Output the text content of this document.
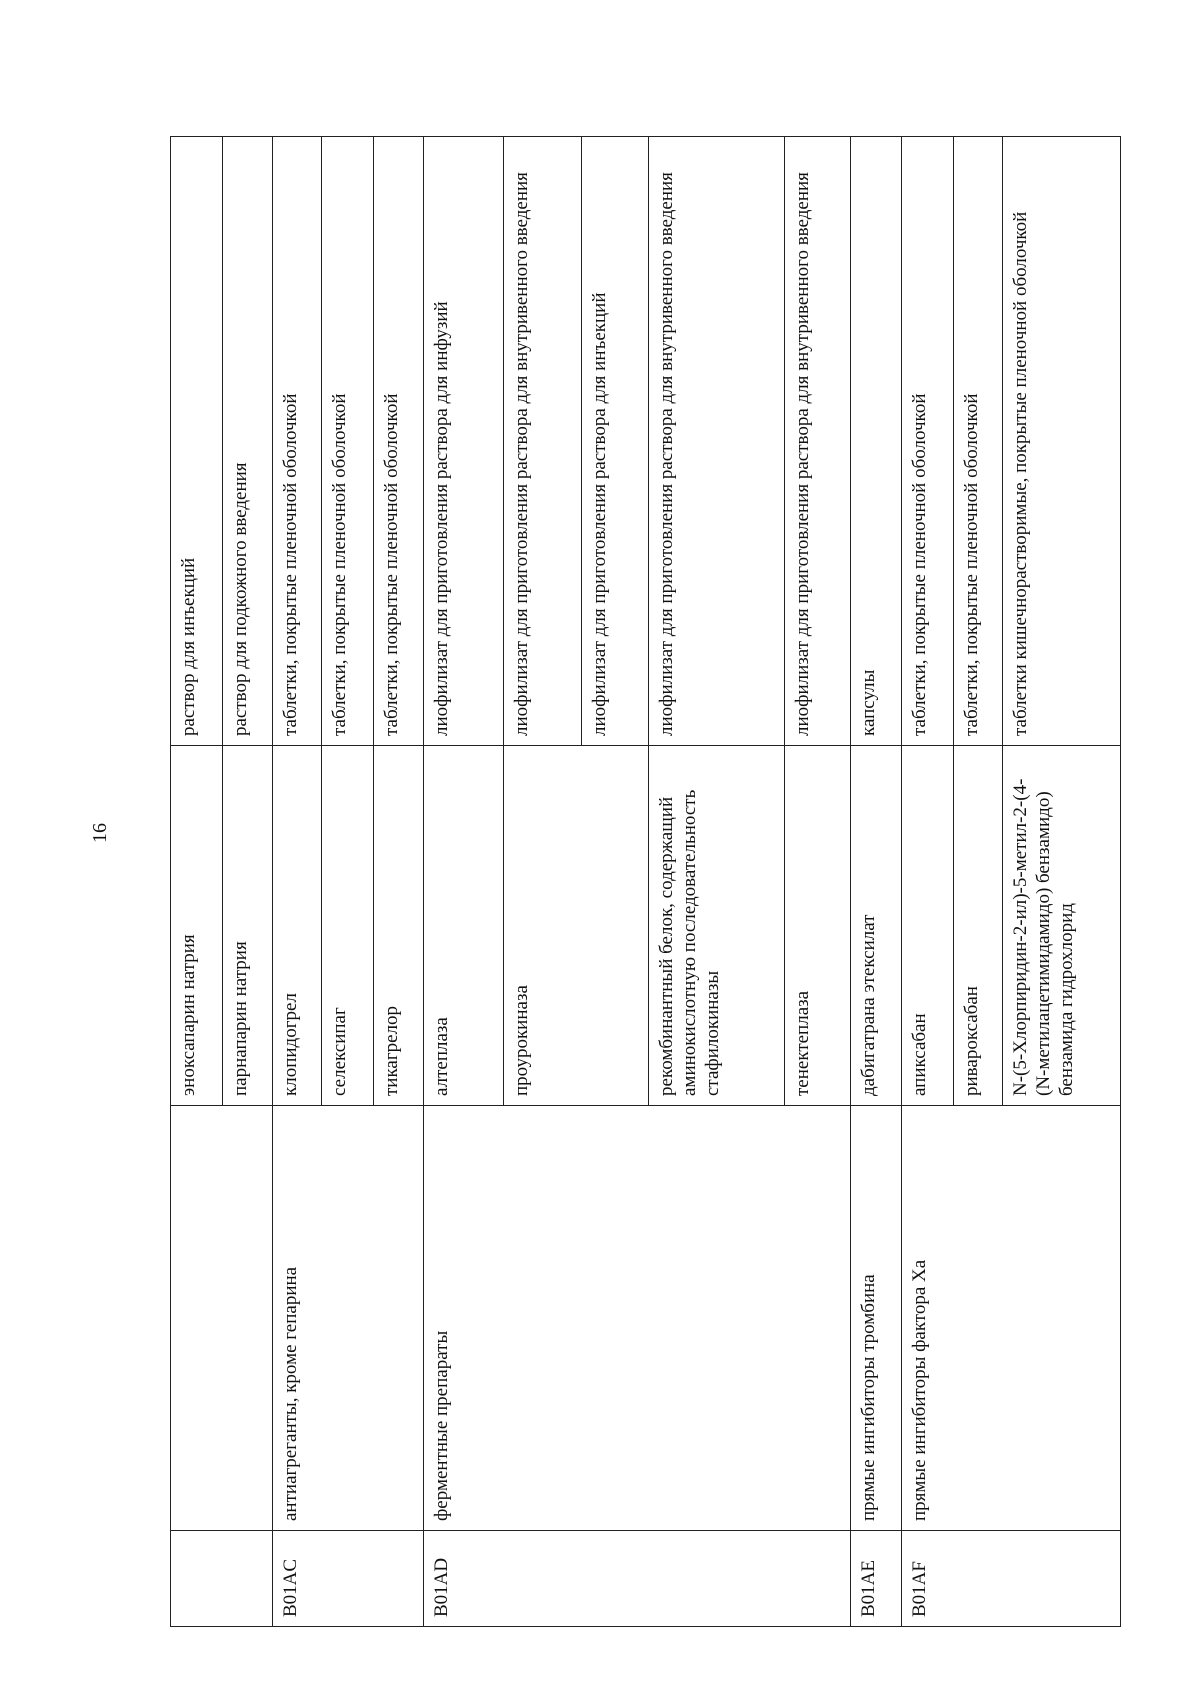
16
		эноксапарин натрия	раствор для инъекций
		парнапарин натрия	раствор для подкожного введения
B01AC	антиагреганты, кроме гепарина	клопидогрел	таблетки, покрытые пленочной оболочкой
		селексипаг	таблетки, покрытые пленочной оболочкой
		тикагрелор	таблетки, покрытые пленочной оболочкой
B01AD	ферментные препараты	алтеплаза	лиофилизат для приготовления раствора для инфузий
		проурокиназа	лиофилизат для приготовления раствора для внутривенного введения
			лиофилизат для приготовления раствора для инъекций
		рекомбинантный белок, содержащий аминокислотную последовательность стафилокиназы	лиофилизат для приготовления раствора для внутривенного введения
		тенектеплаза	лиофилизат для приготовления раствора для внутривенного введения
B01AE	прямые ингибиторы тромбина	дабигатрана этексилат	капсулы
B01AF	прямые ингибиторы фактора Xa	апиксабан	таблетки, покрытые пленочной оболочкой
		ривароксабан	таблетки, покрытые пленочной оболочкой
		N-(5-Хлорпиридин-2-ил)-5-метил-2-(4-(N-метилацетимидамидо) бензамидо) бензамида гидрохлорид	таблетки кишечнорастворимые, покрытые пленочной оболочкой
